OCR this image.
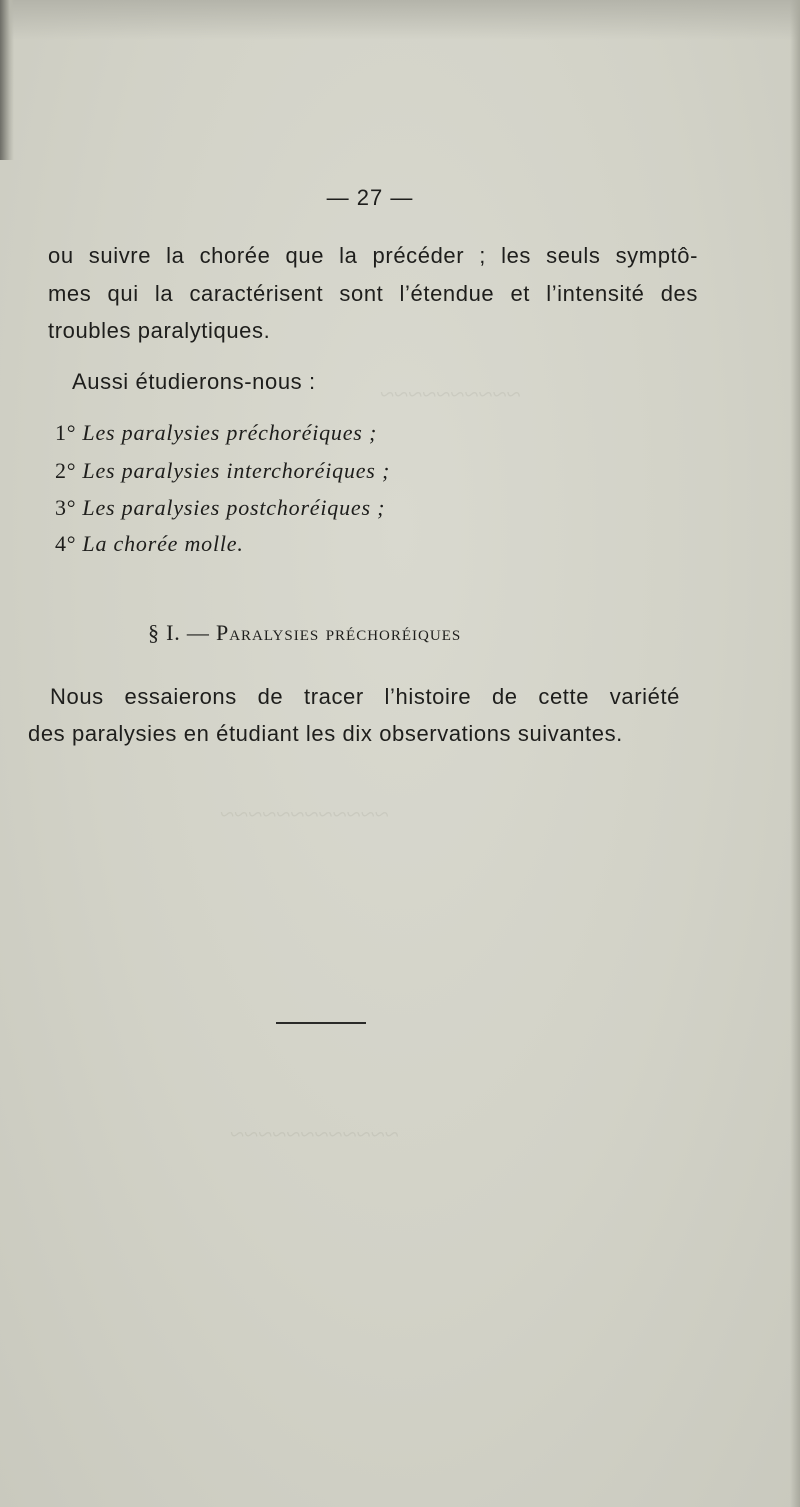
~~~~~~~~~~
~~~~~~~~~~~~
~~~~~~~~~~~~
— 27 —
ou suivre la chorée que la précéder ; les seuls symptô-
mes qui la caractérisent sont l’étendue et l’intensité des
troubles paralytiques.
Aussi étudierons-nous :
1° Les paralysies préchoréiques ;
2° Les paralysies interchoréiques ;
3° Les paralysies postchoréiques ;
4° La chorée molle.
§ I. — Paralysies préchoréiques
Nous essaierons de tracer l’histoire de cette variété
des paralysies en étudiant les dix observations suivantes.
